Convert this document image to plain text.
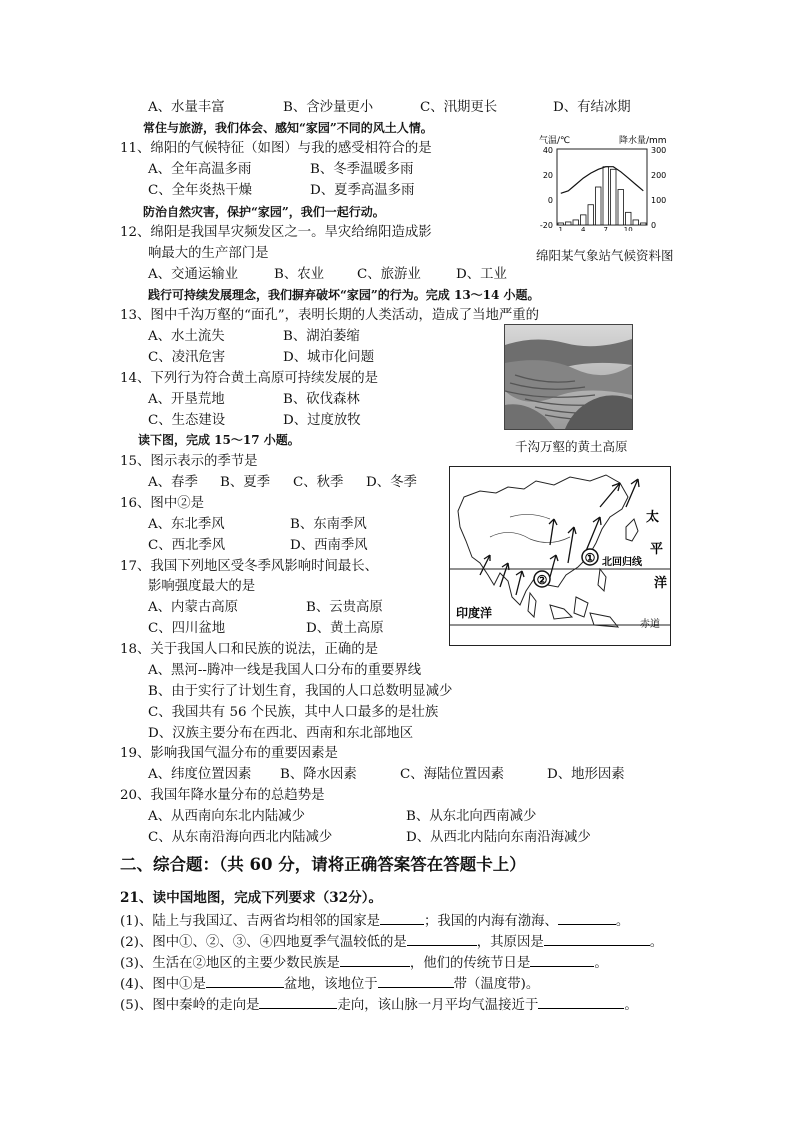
A、水量丰富	B、含沙量更小	C、汛期更长	D、有结冰期
常住与旅游，我们体会、感知“家园”不同的风土人情。
11、绵阳的气候特征（如图）与我的感受相符合的是
A、全年高温多雨	B、冬季温暖多雨
C、全年炎热干燥	D、夏季高温多雨
防治自然灾害，保护“家园”，我们一起行动。
12、绵阳是我国旱灾频发区之一。旱灾给绵阳造成影
响最大的生产部门是
A、交通运输业	B、农业 C、旅游业	D、工业
践行可持续发展理念，我们摒弃破坏“家园”的行为。完成 13～14 小题。
13、图中千沟万壑的“面孔”，表明长期的人类活动，造成了当地严重的
A、水土流失	B、湖泊萎缩
C、凌汛危害	D、城市化问题
14、下列行为符合黄土高原可持续发展的是
A、开垦荒地	B、砍伐森林
C、生态建设	D、过度放牧
读下图，完成 15～17 小题。
15、图示表示的季节是
A、春季 B、夏季 C、秋季 D、冬季
16、图中②是
A、东北季风	B、东南季风
C、西北季风	D、西南季风
17、我国下列地区受冬季风影响时间最长、
影响强度最大的是
A、内蒙古高原	B、云贵高原
C、四川盆地	D、黄土高原
18、关于我国人口和民族的说法，正确的是
A、黑河--腾冲一线是我国人口分布的重要界线
B、由于实行了计划生育，我国的人口总数明显减少
C、我国共有 56 个民族，其中人口最多的是壮族
D、汉族主要分布在西北、西南和东北部地区
19、影响我国气温分布的重要因素是
A、纬度位置因素 B、降水因素	C、海陆位置因素	D、地形因素
20、我国年降水量分布的总趋势是
A、从西南向东北内陆减少	B、从东北向西南减少
C、从东南沿海向西北内陆减少	D、从西北内陆向东南沿海减少
二、综合题：（共 60 分，请将正确答案答在答题卡上）
21、读中国地图，完成下列要求（32分）。
(1)、陆上与我国辽、吉两省均相邻的国家是	；我国的内海有渤海、	。
(2)、图中①、②、③、④四地夏季气温较低的是	，其原因是	。
(3)、生活在②地区的主要少数民族是	，他们的传统节日是	。
(4)、图中①是	盆地，该地位于	带（温度带)。
(5)、图中秦岭的走向是	走向，该山脉一月平均气温接近于	。
气温/℃	降水量/mm
40
20
0
-20
300
200
100
0
1	4	7 10
绵阳某气象站气候资料图
千沟万壑的黄土高原
①
②
北回归线
印度洋
赤道
太
平
洋
